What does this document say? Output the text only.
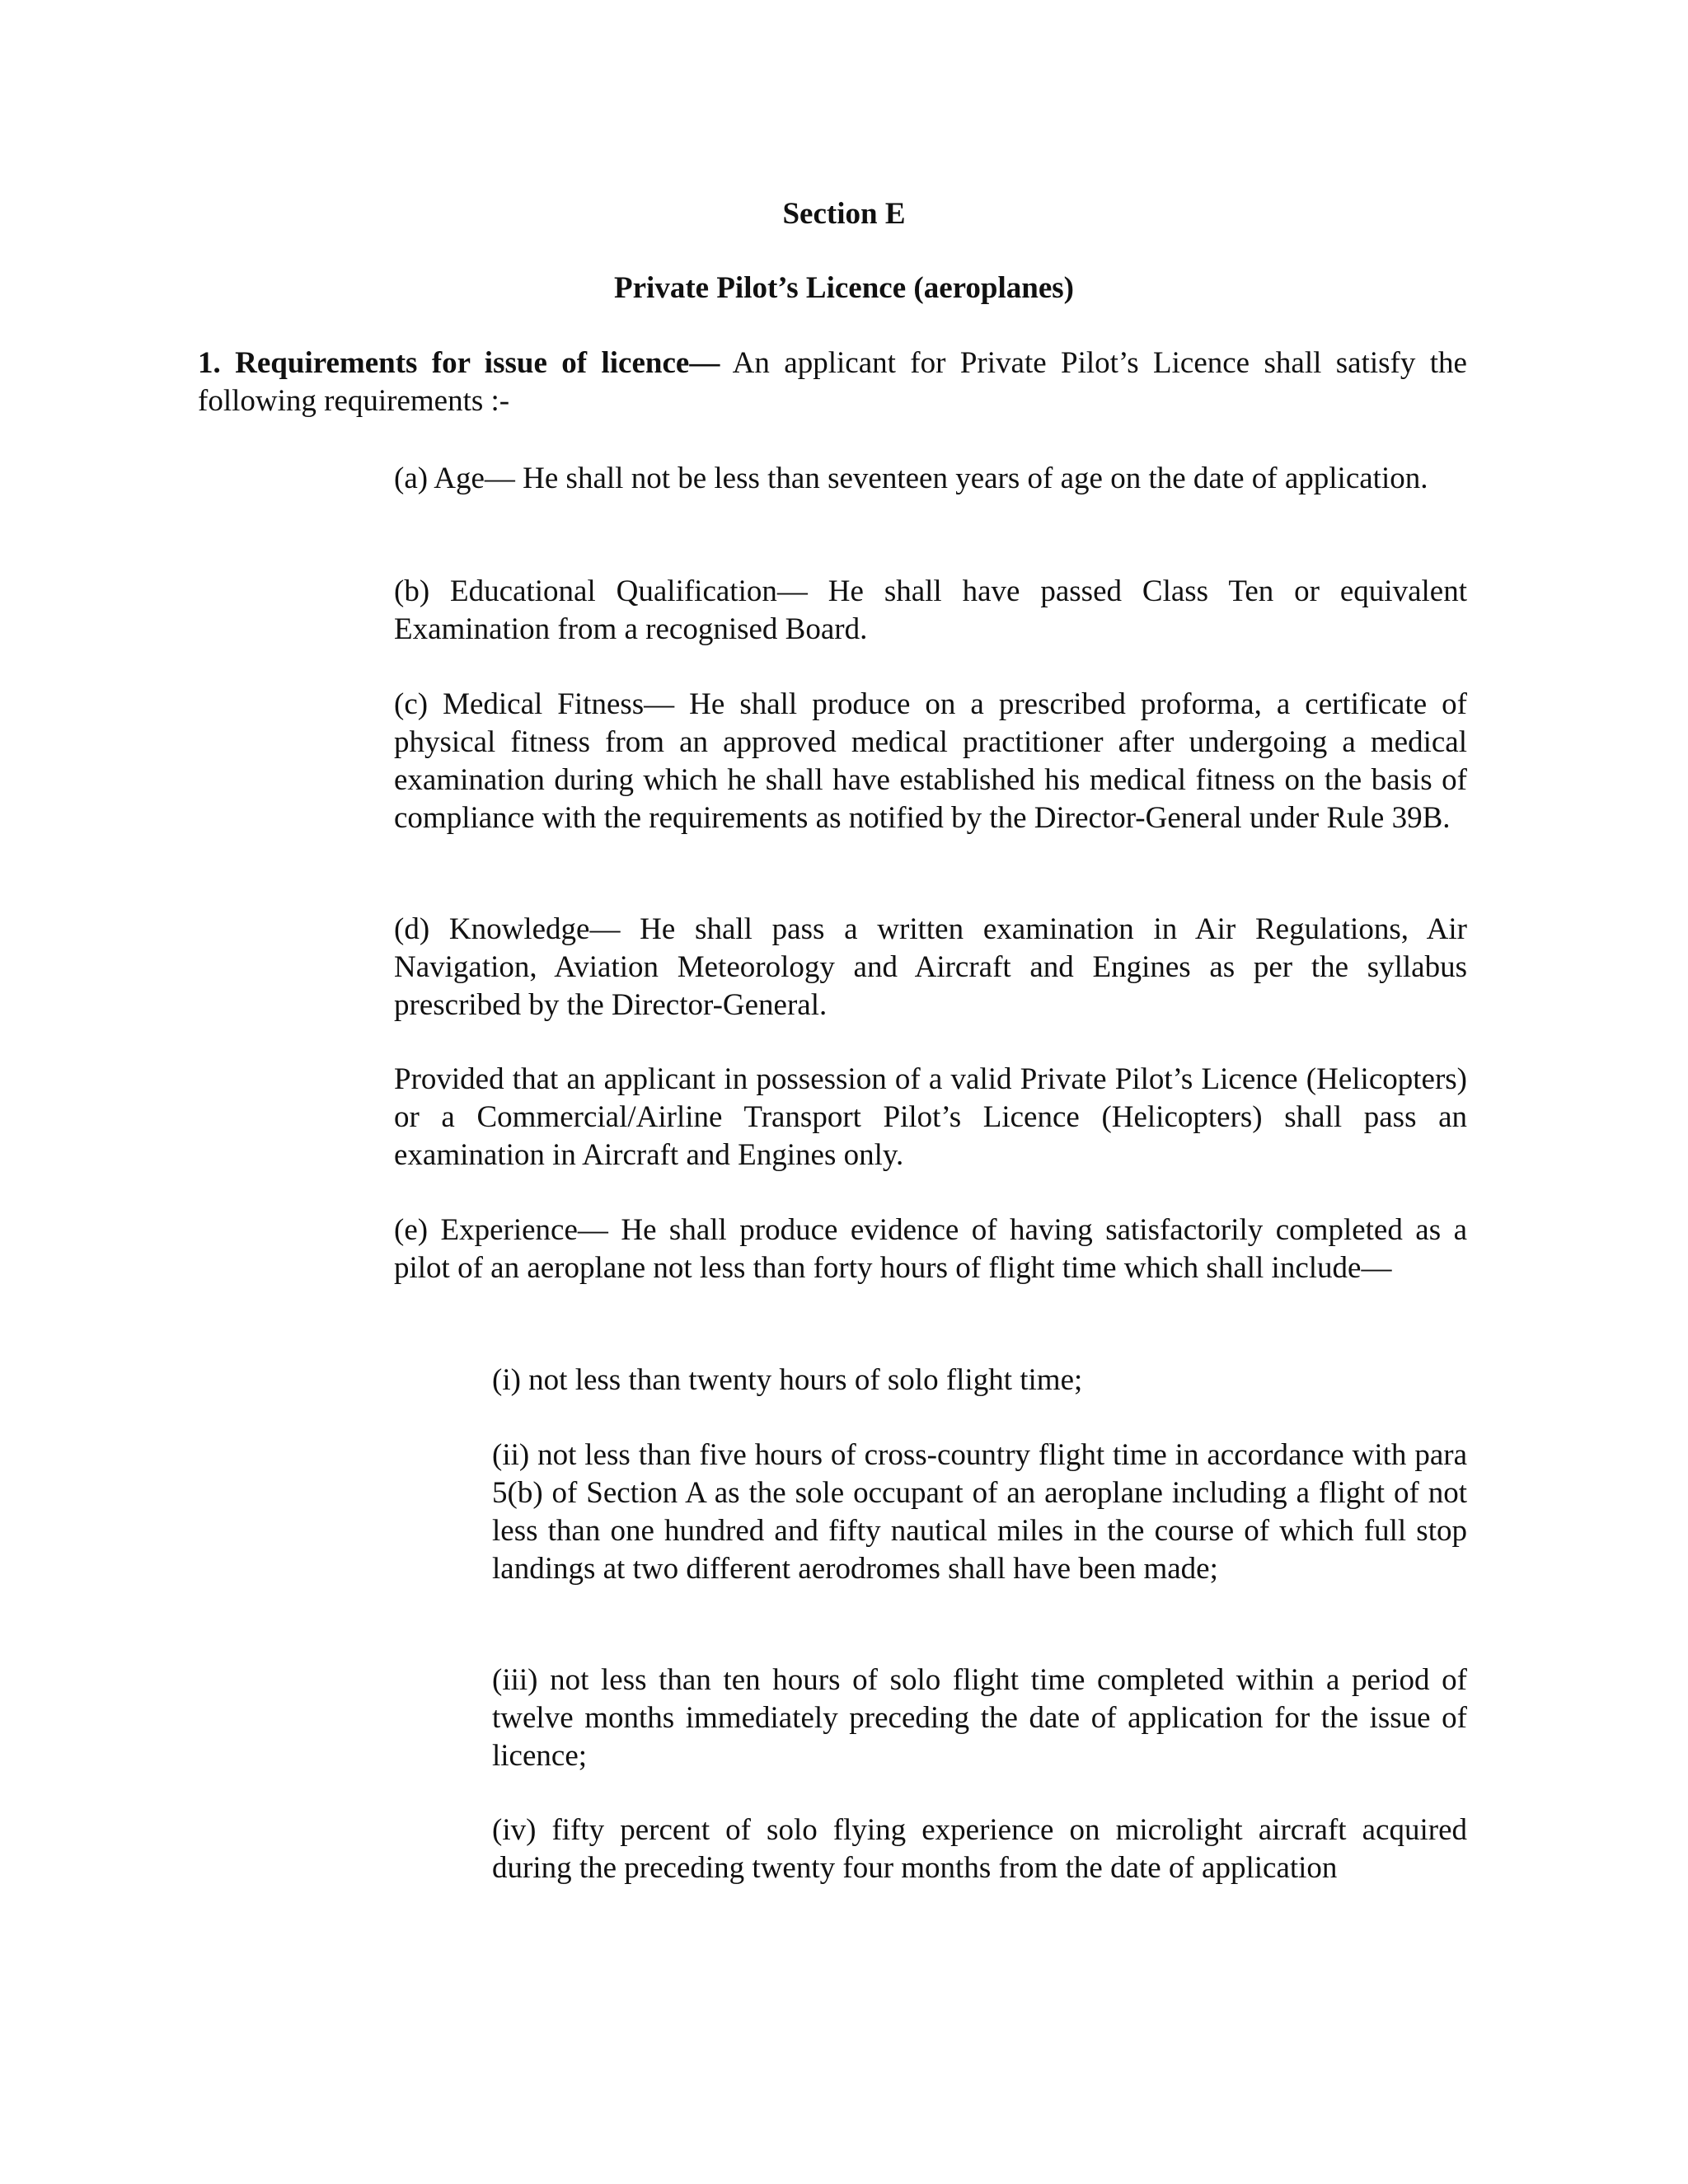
Section E
Private Pilot’s Licence (aeroplanes)

1. Requirements for issue of licence— An applicant for Private Pilot’s Licence shall satisfy the following requirements :-

(a) Age— He shall not be less than seventeen years of age on the date of application.

(b) Educational Qualification— He shall have passed Class Ten or equivalent Examination from a recognised Board.

(c) Medical Fitness— He shall produce on a prescribed proforma, a certificate of physical fitness from an approved medical practitioner after undergoing a medical examination during which he shall have established his medical fitness on the basis of compliance with the requirements as notified by the Director-General under Rule 39B.

(d) Knowledge— He shall pass a written examination in Air Regulations, Air Navigation, Aviation Meteorology and Aircraft and Engines as per the syllabus prescribed by the Director-General.

Provided that an applicant in possession of a valid Private Pilot’s Licence (Helicopters) or a Commercial/Airline Transport Pilot’s Licence (Helicopters) shall pass an examination in Aircraft and Engines only.

(e) Experience— He shall produce evidence of having satisfactorily completed as a pilot of an aeroplane not less than forty hours of flight time which shall include—

(i) not less than twenty hours of solo flight time;

(ii) not less than five hours of cross-country flight time in accordance with para 5(b) of Section A as the sole occupant of an aeroplane including a flight of not less than one hundred and fifty nautical miles in the course of which full stop landings at two different aerodromes shall have been made;

(iii) not less than ten hours of solo flight time completed within a period of twelve months immediately preceding the date of application for the issue of licence;

(iv) fifty percent of solo flying experience on microlight aircraft acquired during the preceding twenty four months from the date of application
